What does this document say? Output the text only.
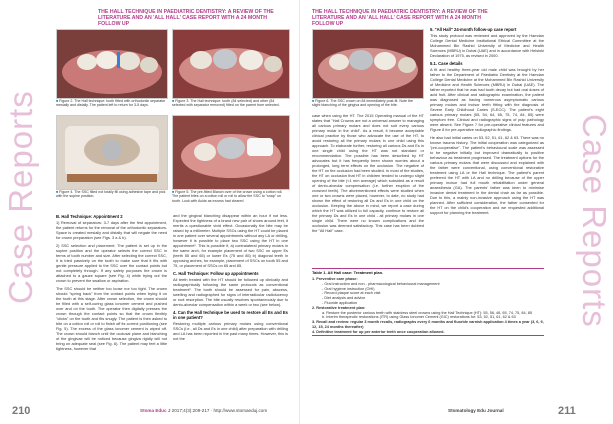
THE HALL TECHNIQUE IN PAEDIATRIC DENTISTRY: A REVIEW OF THE LITERATURE AND AN 'ALL HALL' CASE REPORT WITH A 24 MONTH FOLLOW UP
Case Reports	■ Figure 2. The Hall technique: tooth fitted with orthodontic separator mesially and distally. The patient left to return for 3-5 days.
■ Figure 3. The Hall technique: tooth (84 selected) and other (84 selected with separator removed) fitted on the parent from selected.
■ Figure 4. The SSC filled not totally fill using adhesive tape and pick with the supine position.
■ Figure 5. The pre-fitted Blanch over of the crown using a cotton roll. The patient bites on a cotton roll or roll to allow the SSC to "snap" on tooth. Look with Acids as excess had cleared
B. Hall Technique: Appointment 2

1) Removal of separators: 3-7 days after the first appointment, the patient returns for the removal of the orthodontic separators. Space is created mesially and distally that will negate the need for crown preparation (see Figs. 3 a & b).

2) SSC selection and placement: The patient is set up in the supine position and the operator selects the correct SSC in terms of tooth number and size. After selecting the correct SSC, it is tried passively on the tooth to make sure that it fits with gentle pressure applied to the SSC over the contact points but not completely through. If any safety purposes the crown is attached to a gauze square (see Fig. 4) while trying out the crown to prevent the swallow or aspiration.

The SSC should be neither too loose nor too tight. The crown should "spring back" from the contact points when trying it on the tooth at this stage. After crown selection, the crown should be filled with a self-curing glass ionomer cement and pushed over and on the tooth. The operator then digitally presses the crown through the contact points so that the crown flexibly "clicks" on the tooth and fits snugly. The patient is then asked to bite on a cotton roll or roll to finish off its correct positioning (see Fig. 5). The excess of the glass ionomer cement is wiped off. The crown should blanch until the occlusal plane and blanching of the gingivae will be noticed because gingiva rigidly will not bring on adequate seal (see Fig. 6). The patient may feel a little tightness, however that

and the gingival blanching disappear within an hour if not less. Expected the tightness of a brand new pair of shoes around feet, it merits a questionable vivid effect. Occasionally the bite may be raised by a millimeter. Multiple SSCs using the HT could be placed in one patient over several appointments without any LA or drilling, however it is possible to place two SSC using the HT in one appointment¹. This is possible if, a) contralateral primary molars in the same arch, for example placement of two SSC on upper Es (teeth 55 and 65) or lower Es (75 and 85) b) diagonal teeth in opposing arches, for example, placement of SSCs on tooth 55 and 75, or placement of SSCs on 65 and 85.

C. Hall Technique: Follow up appointments

All teeth treated with the HT should be followed up clinically and radiographically following the same protocols as conventional treatment¹. The tooth should be assessed for pain, abscess, swelling and radiographed for signs of interradicular radiolucency or root resorption. The bite usually resolves spontaneously due to dento-alveolar compensation within a week or two (see below).

4. Can the Hall technique be used to restore all Es and Es in one patient?

Restoring multiple carious primary molars using conventional SSCs (i.e., all Ds and Es in one child) after preparation with drilling and LA has been reported in the past many times. However, this is not the

210	Stoma Educ J 2017;4(3):209-217 · http://www.stomaeduj.com
THE HALL TECHNIQUE IN PAEDIATRIC DENTISTRY: A REVIEW OF THE LITERATURE AND AN 'ALL HALL' CASE REPORT WITH A 24 MONTH FOLLOW UP
Case Reports
■ Figure 6. The SSC crown on 84 immediately post-fit. Note the slight blanching of the gingiva and opening of the bite.

case when using the HT. The 2015 Operating manual of the HT states that "Hall Crowns are not a universal answer to managing all carious primary molars and does not suit every carious primary molar in the child". As a result, it became acceptable clinical practice by those who advocate the use of the HT, to avoid restoring all the primary molars in one child using this approach. To elaborate further, restoring all carious Ds and Es in one single child using the HT was not standard or recommendation. The possible has been described by HT advocates but it has frequently been shown worries about a prolonged, long term effects on the occlusion. The negative of the HT on the occlusion had been studied. In most of the studies, the HT on occlusion that HT in children tended to undergo slight opening of the bite (<1 mm average) which subsided as a result of dento-alveolar compensation (i.e. further eruption of the crowned teeth). The aforementioned effects were studied when one or two crowns were placed, however, to date, no study had shown the effect of restoring all Ds and Es in one child on the occlusion. Keeping the above in mind, we report a case during which the HT was utilized to full capacity, continue to restore all the primary Ds and Es in one child - all primary molars in one single child. There were no known complications and the occlusion was deemed satisfactory. This case has been dubbed the "All Hall" case.

5. "All Hall" 24-month follow-up case report

This study protocol was reviewed and approved by the Hamdan College Dental Medicine Institutional Ethical Committee at the Mohammed Bin Rashid University of Medicine and Health Sciences (MBRU) in Dubai (UAE) and in accordance with Helsinki Declaration of 1975, as revised in 2000.

5.1. Case details

A fit and healthy three-year old male child was brought by her father to the Department of Paediatric Dentistry at the Hamdan College Dental Medicine at the Mohammed Bin Rashid University of Medicine and Health Sciences (MBRU) in Dubai (UAE). The father reported that he was had tooth decay but had oral doses of acid fruit. After clinical and radiographic examination, the patient was diagnosed as having numerous asymptomatic carious primary molars and incisor teeth fitting with the diagnosis of Severe Early Childhood Caries (S-ECC). The patient's eight carious primary molars (55, 54, 64, 65, 75, 74, 84, 85) were symptom free. Clinical and radiographic signs of pulp pathology were absent. See Figure 7 for pre-operative clinical features and Figure 8 for pre-operative radiographic findings.

He also had initial caries on 53, 52, 51, 61, 62 & 63. There was no known trauma history. The initial cooperation was categorized as "pre-cooperative". The patient's behavioural scale was assessed to be negative initially but improved dramatically to positive behaviour as treatment progressed. The treatment options for the carious primary molars that were discussed and explained with the father were conventional, using conventional restorative treatment using LA or the Hall technique. The patient's parent preferred the HT with LA and no drilling because of the upper primary incisor had full mouth rehabilitation under general anaesthesia (GA). The parents' father was keen to minimise invasive dental treatment in the dental chair as far as possible. Due to this, a mainly non-invasive approach using the HT was planned. After sufficient consideration, the father consented for the HT on the child's cooperation and we requested additional support for planning the treatment.

Table 1. All Hall case: Treatment plan.
1. Preventive care phase:
- Oral instruction and non - pharmacological behavioural management
- Oral hygiene instruction (OHI)
- Record plaque score at each visit
- Diet analysis and advice
- Fluoride application
2. Restorative treatment plan:
a. Restore the posterior carious teeth with stainless steel crowns using the Hall Technique (HT): 55, 56, 46, 65, 74, 75, 84, 85
b. Interim therapeutic restorations (ITR) using Glass Ionomer Cement (GIC) restorations for: 53, 52, 51, 61, 62 & 63
3. Recall and review: regular 3 month recalls, radiographs every 6 months and fluoride varnish application 4 times a year (3, 6, 9, 12, 15, 24 months thereafter)
4. Definitive treatment for up per anterior teeth once cooperation allowed.
Stomatology Edu Journal	211
